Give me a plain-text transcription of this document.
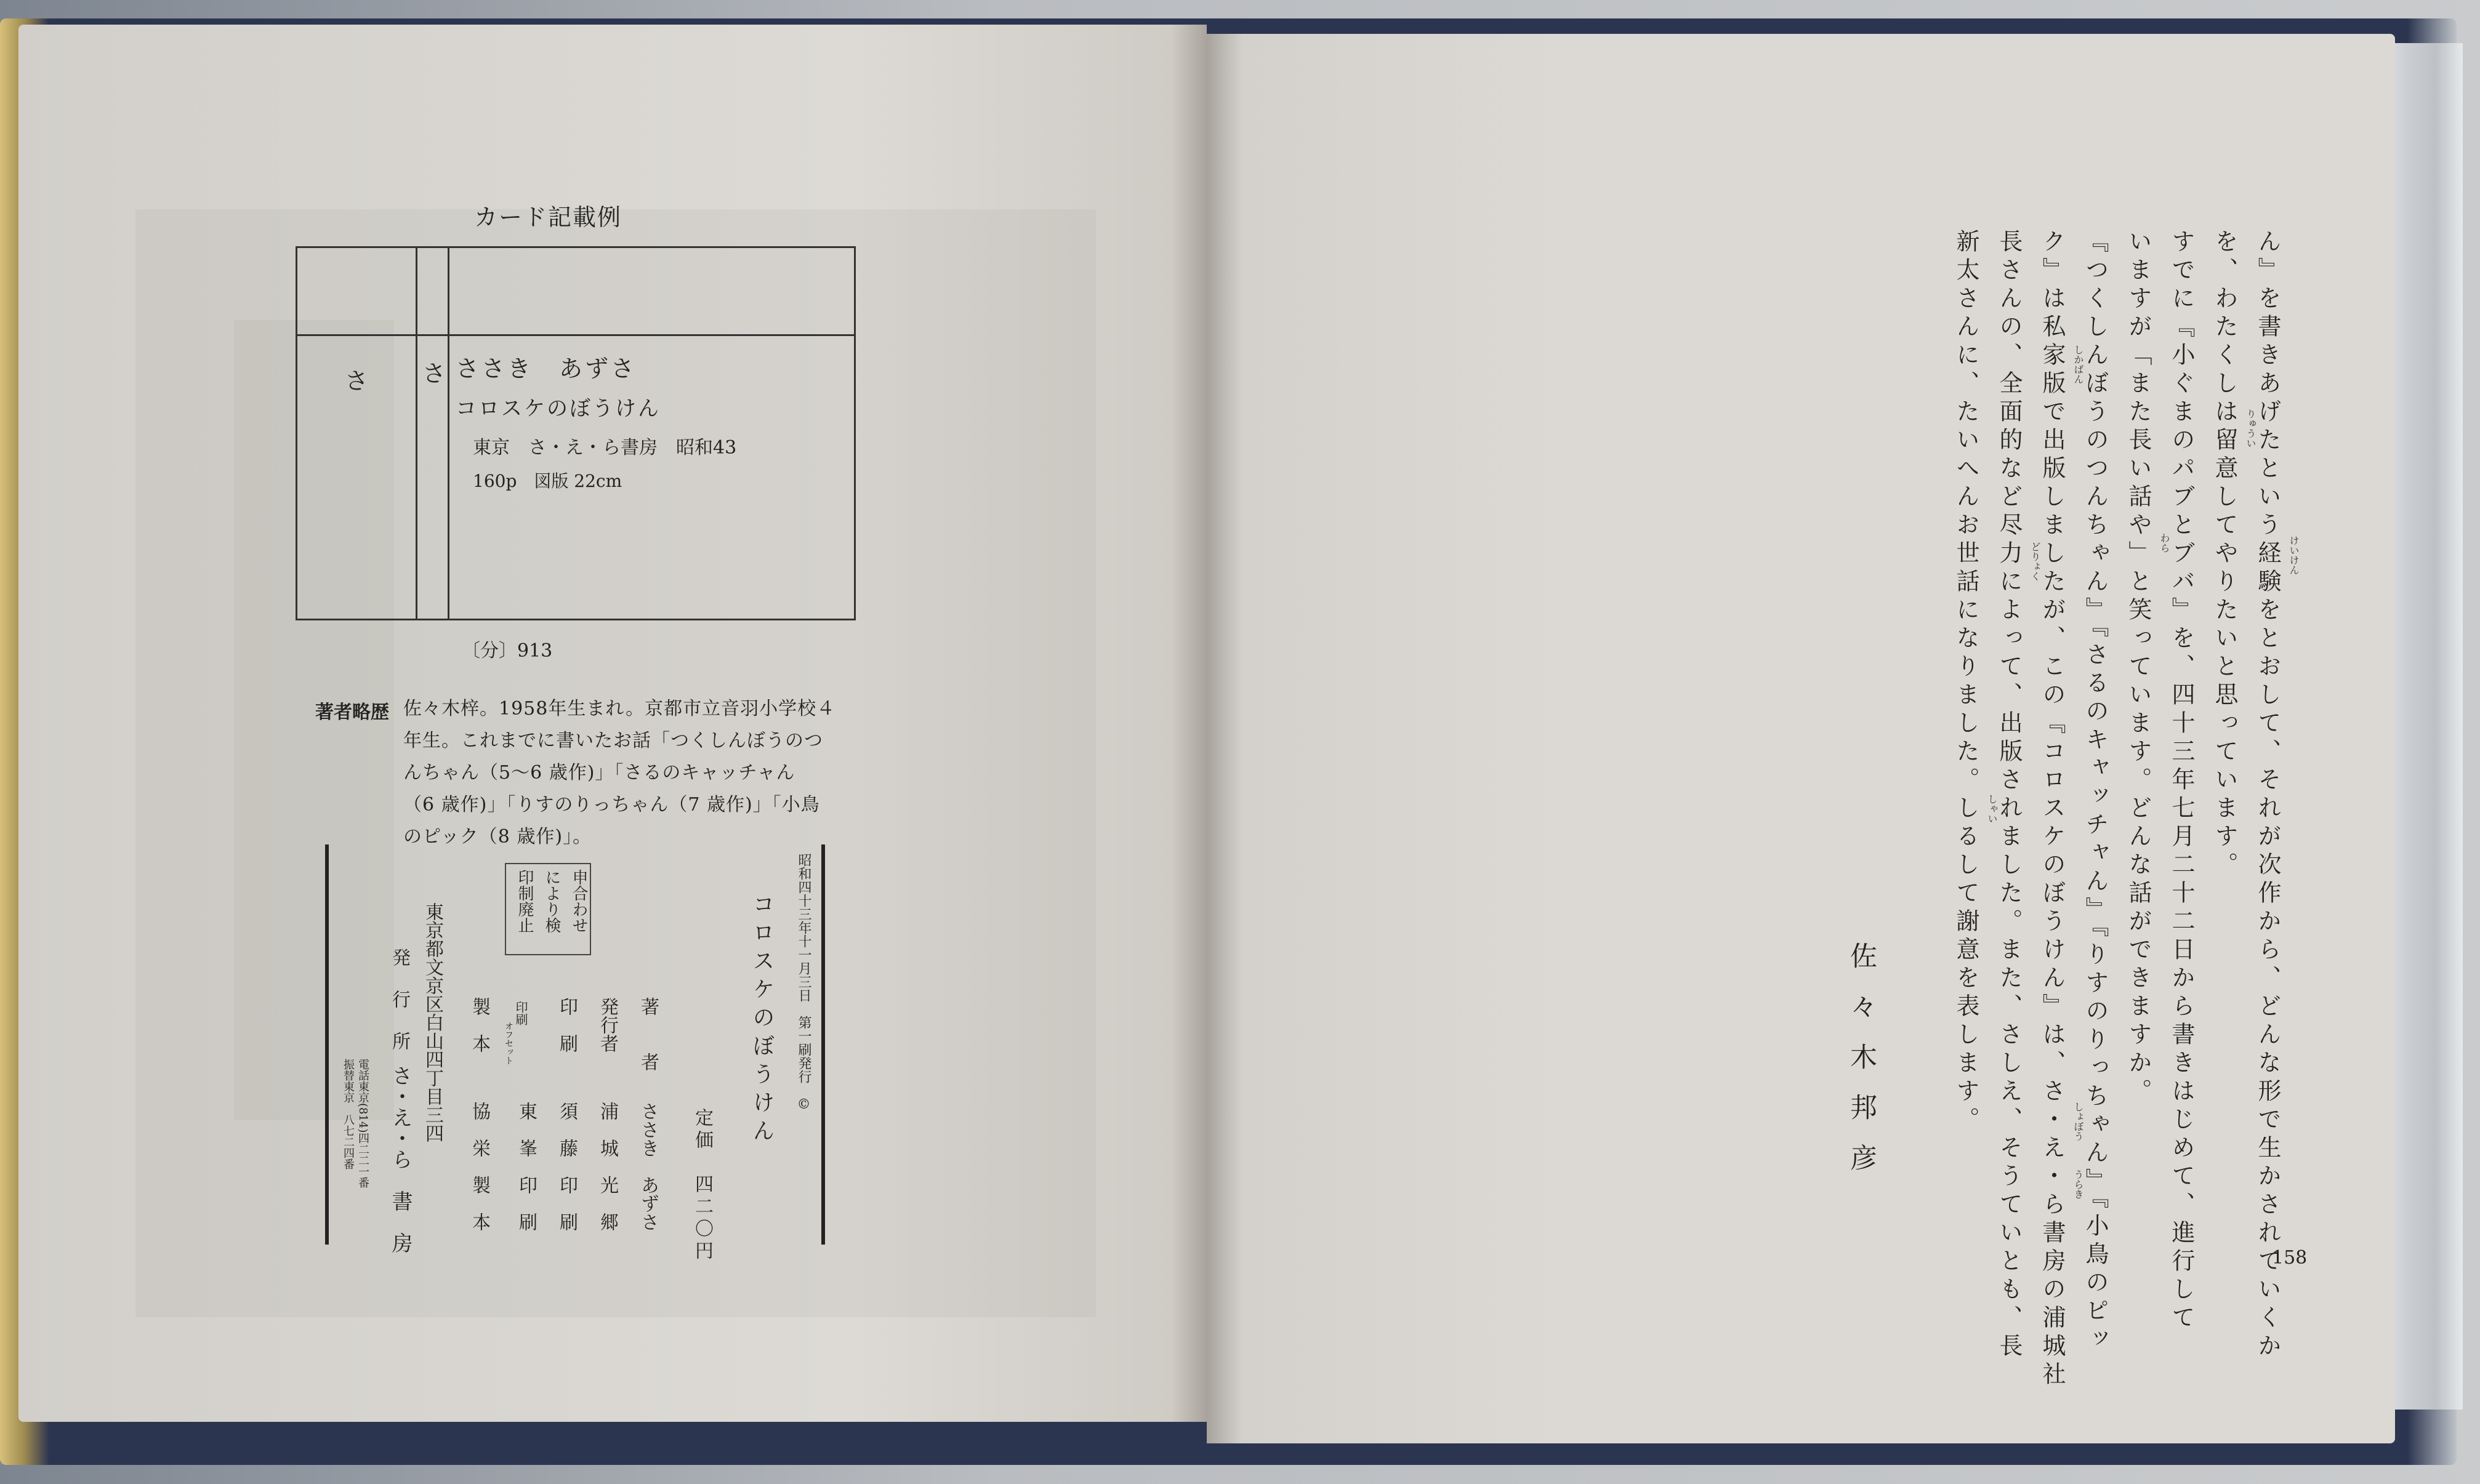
カード記載例
さ さ ささき　あずさ
コロスケのぼうけん
東京　さ・え・ら書房　昭和43
160p　図版 22cm
〔分〕913
著者略歴 佐々木梓。1958年生まれ。京都市立音羽小学校４
年生。これまでに書いたお話「つくしんぼうのつ
んちゃん（5～6 歳作)」「さるのキャッチャん
（6 歳作)」「りすのりっちゃん（7 歳作)」「小鳥
のピック（8 歳作)」。
昭和四十三年十一月三日　第一刷発行　©
コロスケのぼうけん
定価　四二〇円
著　　者
ささき　あずさ
発行者
浦　城　光　郷
印　刷
須　藤　印　刷
印刷
オフセット
東　峯　印　刷
製　本
協　栄　製　本
申合わせ
により検
印制廃止
東京都文京区白山四丁目三四
発　行　所
さ・え・ら　書　房
電話東京(814)四二二一番
振替東京　八七二四番	ん』を書きあげたという経験をとおして、それが次作から、どんな形で生かされていくか
を、わたくしは留意してやりたいと思っています。
すでに『小ぐまのパブとブバ』を、四十三年七月二十二日から書きはじめて、進行して
いますが「また長い話や」と笑っています。どんな話ができますか。
『つくしんぼうのつんちゃん』『さるのキャッチャん』『りすのりっちゃん』『小鳥のピッ
ク』は私家版で出版しましたが、この『コロスケのぼうけん』は、さ・え・ら書房の浦城社
長さんの、全面的など尽力によって、出版されました。また、さしえ、そうていとも、長
新太さんに、たいへんお世話になりました。しるして謝意を表します。	けいけん
りゅうい
わら
しかばん
どりょく
しょぼう
うらき
しゃい
佐々木邦彦
158
